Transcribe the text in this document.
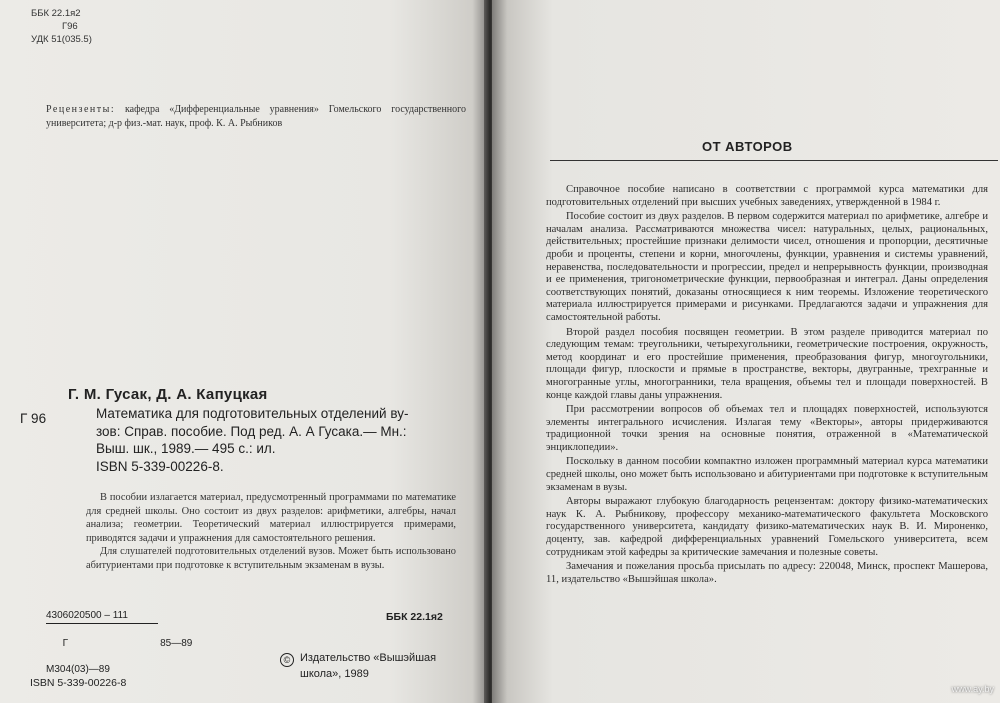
ББК 22.1я2
Г96
УДК 51(035.5)
Рецензенты: кафедра «Дифференциальные уравнения» Гомельского государственного университета; д-р физ.-мат. наук, проф. К. А. Рыбников
Г. М. Гусак, Д. А. Капуцкая
Г 96	Математика для подготовительных отделений ву-
зов: Справ. пособие. Под ред. А. А Гусака.— Мн.:
Выш. шк., 1989.— 495 с.: ил.
ISBN 5-339-00226-8.

В пособии излагается материал, предусмотренный программами по математике для средней школы. Оно состоит из двух разделов: арифметики, алгебры, начал анализа; геометрии. Теоретический материал иллюстрируется примерами, приводятся задачи и упражнения для самостоятельного решения.

Для слушателей подготовительных отделений вузов. Может быть использовано абитуриентами при подготовке к вступительным экзаменам в вузы.

4306020500 – 111

Г	85—89

М304(03)—89
ББК 22.1я2
© Издательство «Вышэйшая
школа», 1989
ISBN 5-339-00226-8
ОТ АВТОРОВ

Справочное пособие написано в соответствии с программой курса математики для подготовительных отделений при высших учебных заведениях, утвержденной в 1984 г.

Пособие состоит из двух разделов. В первом содержится материал по арифметике, алгебре и началам анализа. Рассматриваются множества чисел: натуральных, целых, рациональных, действительных; простейшие признаки делимости чисел, отношения и пропорции, десятичные дроби и проценты, степени и корни, многочлены, функции, уравнения и системы уравнений, неравенства, последовательности и прогрессии, предел и непрерывность функции, производная и ее применения, тригонометрические функции, первообразная и интеграл. Даны определения соответствующих понятий, доказаны относящиеся к ним теоремы. Изложение теоретического материала иллюстрируется примерами и рисунками. Предлагаются задачи и упражнения для самостоятельной работы.

Второй раздел пособия посвящен геометрии. В этом разделе приводится материал по следующим темам: треугольники, четырехугольники, геометрические построения, окружность, метод координат и его простейшие применения, преобразования фигур, многоугольники, площади фигур, плоскости и прямые в пространстве, векторы, двугранные, трехгранные и многогранные углы, многогранники, тела вращения, объемы тел и площади поверхностей. В конце каждой главы даны упражнения.

При рассмотрении вопросов об объемах тел и площадях поверхностей, используются элементы интегрального исчисления. Излагая тему «Векторы», авторы придерживаются традиционной точки зрения на основные понятия, отраженной в «Математической энциклопедии».

Поскольку в данном пособии компактно изложен программный материал курса математики средней школы, оно может быть использовано и абитуриентами при подготовке к вступительным экзаменам в вузы.

Авторы выражают глубокую благодарность рецензентам: доктору физико-математических наук К. А. Рыбникову, профессору механико-математического факультета Московского государственного университета, кандидату физико-математических наук В. И. Мироненко, доценту, зав. кафедрой дифференциальных уравнений Гомельского университета, всем сотрудникам этой кафедры за критические замечания и полезные советы.

Замечания и пожелания просьба присылать по адресу: 220048, Минск, проспект Машерова, 11, издательство «Вышэйшая школа».

www.ay.by
